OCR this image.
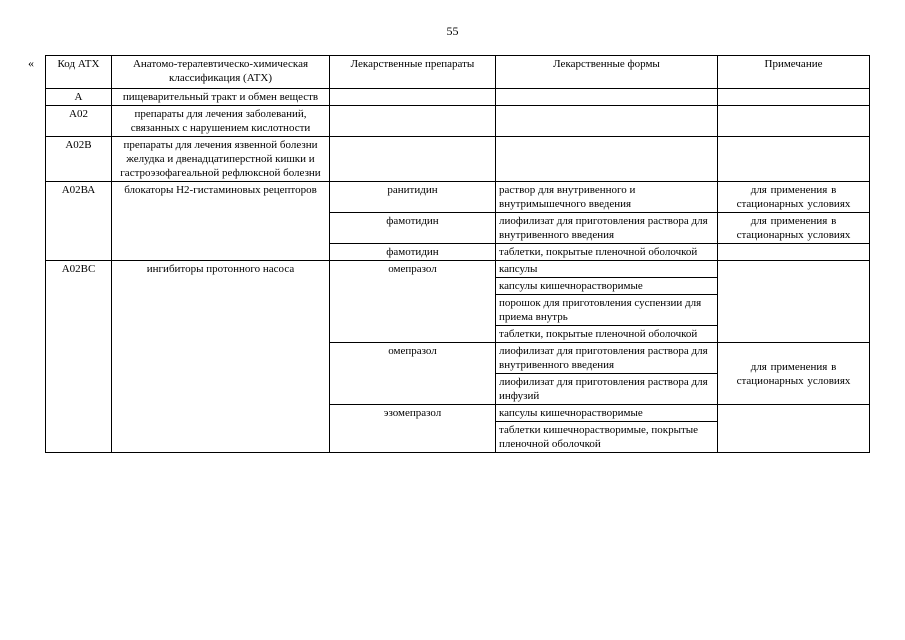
55
« Код АТХ	Анатомо-тераπевтическо-химическая классификация (АТХ)	Лекарственные препараты	Лекарственные формы	Примечание
А	пищеварительный тракт и обмен веществ			
А02	препараты для лечения заболеваний, связанных с нарушением кислотности			
А02В	препараты для лечения язвенной болезни желудка и двенадцатиперстной кишки и гастроэзофагеальной рефлюксной болезни			
А02ВА	блокаторы Н2-гистаминовых рецепторов	ранитидин	раствор для внутривенного и внутримышечного введения	для применения в стационарных условиях
		фамотидин	лиофилизат для приготовления раствора для внутривенного введения	для применения в стационарных условиях
		фамотидин	таблетки, покрытые пленочной оболочкой	
А02ВС	ингибиторы протонного насоса	омепразол	капсулы	
			капсулы кишечнорастворимые	
			порошок для приготовления суспензии для приема внутрь	
			таблетки, покрытые пленочной оболочкой	
		омепразол	лиофилизат для приготовления раствора для внутривенного введения	для применения в стационарных условиях
			лиофилизат для приготовления раствора для инфузий	
		эзомепразол	капсулы кишечнорастворимые	
			таблетки кишечнорастворимые, покрытые пленочной оболочкой	
